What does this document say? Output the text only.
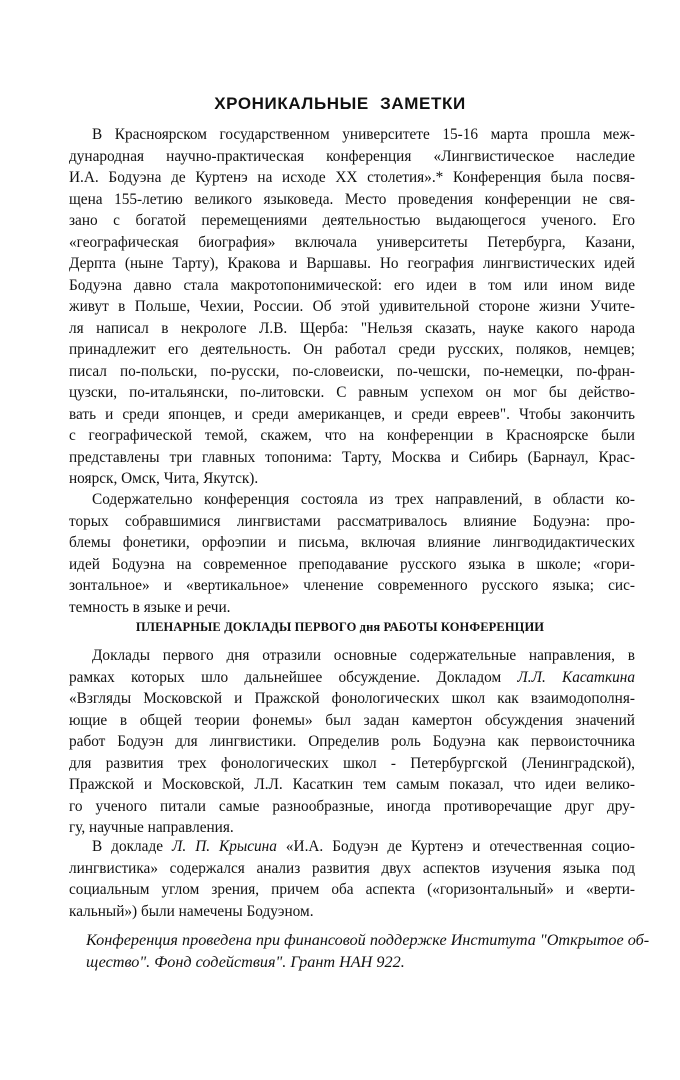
ХРОНИКАЛЬНЫЕ ЗАМЕТКИ
В Красноярском государственном университете 15-16 марта прошла меж-
дународная научно-практическая конференция «Лингвистическое наследие
И.А. Бодуэна де Куртенэ на исходе XX столетия».* Конференция была посвя-
щена 155-летию великого языковеда. Место проведения конференции не свя-
зано с богатой перемещениями деятельностью выдающегося ученого. Его
«географическая биография» включала университеты Петербурга, Казани,
Дерпта (ныне Тарту), Кракова и Варшавы. Но география лингвистических идей
Бодуэна давно стала макротопонимической: его идеи в том или ином виде
живут в Польше, Чехии, России. Об этой удивительной стороне жизни Учите-
ля написал в некрологе Л.В. Щерба: "Нельзя сказать, науке какого народа
принадлежит его деятельность. Он работал среди русских, поляков, немцев;
писал по-польски, по-русски, по-словеиски, по-чешски, по-немецки, по-фран-
цузски, по-итальянски, по-литовски. С равным успехом он мог бы действо-
вать и среди японцев, и среди американцев, и среди евреев". Чтобы закончить
с географической темой, скажем, что на конференции в Красноярске были
представлены три главных топонима: Тарту, Москва и Сибирь (Барнаул, Крас-
ноярск, Омск, Чита, Якутск).
Содержательно конференция состояла из трех направлений, в области ко-
торых собравшимися лингвистами рассматривалось влияние Бодуэна: про-
блемы фонетики, орфоэпии и письма, включая влияние лингводидактических
идей Бодуэна на современное преподавание русского языка в школе; «гори-
зонтальное» и «вертикальное» членение современного русского языка; сис-
темность в языке и речи.
ПЛЕНАРНЫЕ ДОКЛАДЫ ПЕРВОГО дня РАБОТЫ КОНФЕРЕНЦИИ
Доклады первого дня отразили основные содержательные направления, в
рамках которых шло дальнейшее обсуждение. Докладом Л.Л. Касаткина
«Взгляды Московской и Пражской фонологических школ как взаимодополня-
ющие в общей теории фонемы» был задан камертон обсуждения значений
работ Бодуэн для лингвистики. Определив роль Бодуэна как первоисточника
для развития трех фонологических школ - Петербургской (Ленинградской),
Пражской и Московской, Л.Л. Касаткин тем самым показал, что идеи велико-
го ученого питали самые разнообразные, иногда противоречащие друг дру-
гу, научные направления.
В докладе Л. П. Крысина «И.А. Бодуэн де Куртенэ и отечественная социо-
лингвистика» содержался анализ развития двух аспектов изучения языка под
социальным углом зрения, причем оба аспекта («горизонтальный» и «верти-
кальный») были намечены Бодуэном.
Конференция проведена при финансовой поддержке Института "Открытое об-
щество". Фонд содействия". Грант НАН 922.
